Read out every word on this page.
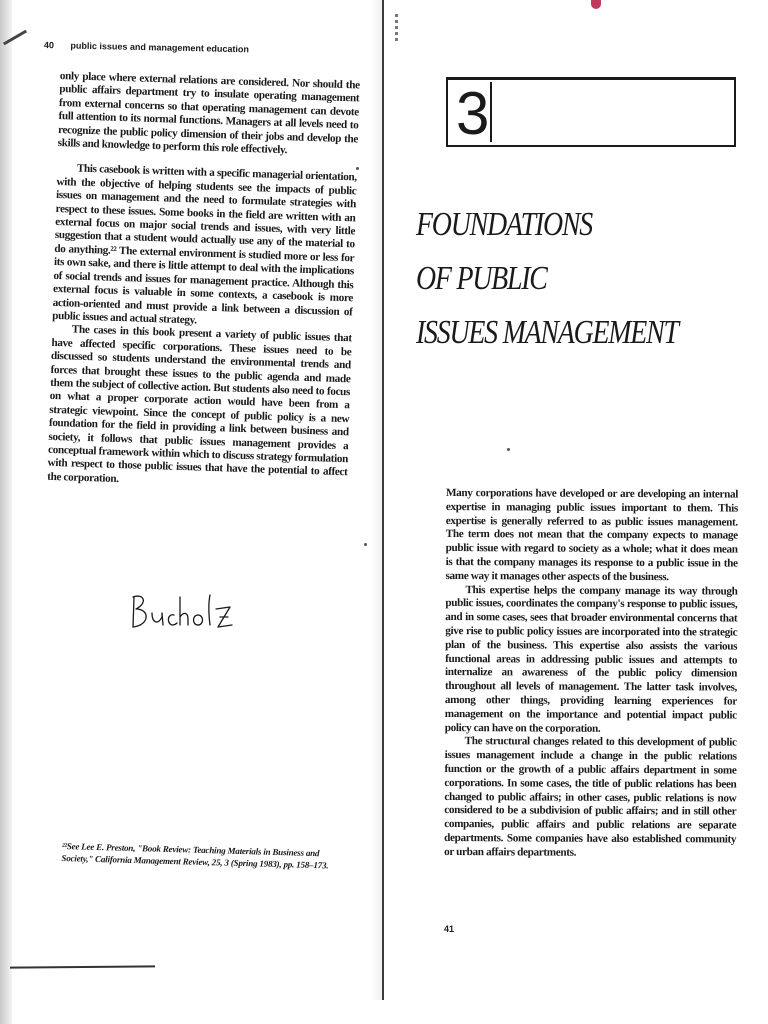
40 public issues and management education

only place where external relations are considered. Nor should the public affairs department try to insulate operating management from external concerns so that operating management can devote full attention to its normal functions. Managers at all levels need to recognize the public policy dimension of their jobs and develop the skills and knowledge to perform this role effectively.

This casebook is written with a specific managerial orientation, with the objective of helping students see the impacts of public issues on management and the need to formulate strategies with respect to these issues. Some books in the field are written with an external focus on major social trends and issues, with very little suggestion that a student would actually use any of the material to do anything.²² The external environment is studied more or less for its own sake, and there is little attempt to deal with the implications of social trends and issues for management practice. Although this external focus is valuable in some contexts, a casebook is more action-oriented and must provide a link between a discussion of public issues and actual strategy.

The cases in this book present a variety of public issues that have affected specific corporations. These issues need to be discussed so students understand the environmental trends and forces that brought these issues to the public agenda and made them the subject of collective action. But students also need to focus on what a proper corporate action would have been from a strategic viewpoint. Since the concept of public policy is a new foundation for the field in providing a link between business and society, it follows that public issues management provides a conceptual framework within which to discuss strategy formulation with respect to those public issues that have the potential to affect the corporation.

²²See Lee E. Preston, "Book Review: Teaching Materials in Business and Society," California Management Review, 25, 3 (Spring 1983), pp. 158–173.
3
FOUNDATIONS
OF PUBLIC
ISSUES MANAGEMENT

Many corporations have developed or are developing an internal expertise in managing public issues important to them. This expertise is generally referred to as public issues management. The term does not mean that the company expects to manage public issue with regard to society as a whole; what it does mean is that the company manages its response to a public issue in the same way it manages other aspects of the business.

This expertise helps the company manage its way through public issues, coordinates the company's response to public issues, and in some cases, sees that broader environmental concerns that give rise to public policy issues are incorporated into the strategic plan of the business. This expertise also assists the various functional areas in addressing public issues and attempts to internalize an awareness of the public policy dimension throughout all levels of management. The latter task involves, among other things, providing learning experiences for management on the importance and potential impact public policy can have on the corporation.

The structural changes related to this development of public issues management include a change in the public relations function or the growth of a public affairs department in some corporations. In some cases, the title of public relations has been changed to public affairs; in other cases, public relations is now considered to be a subdivision of public affairs; and in still other companies, public affairs and public relations are separate departments. Some companies have also established community or urban affairs departments.

41
